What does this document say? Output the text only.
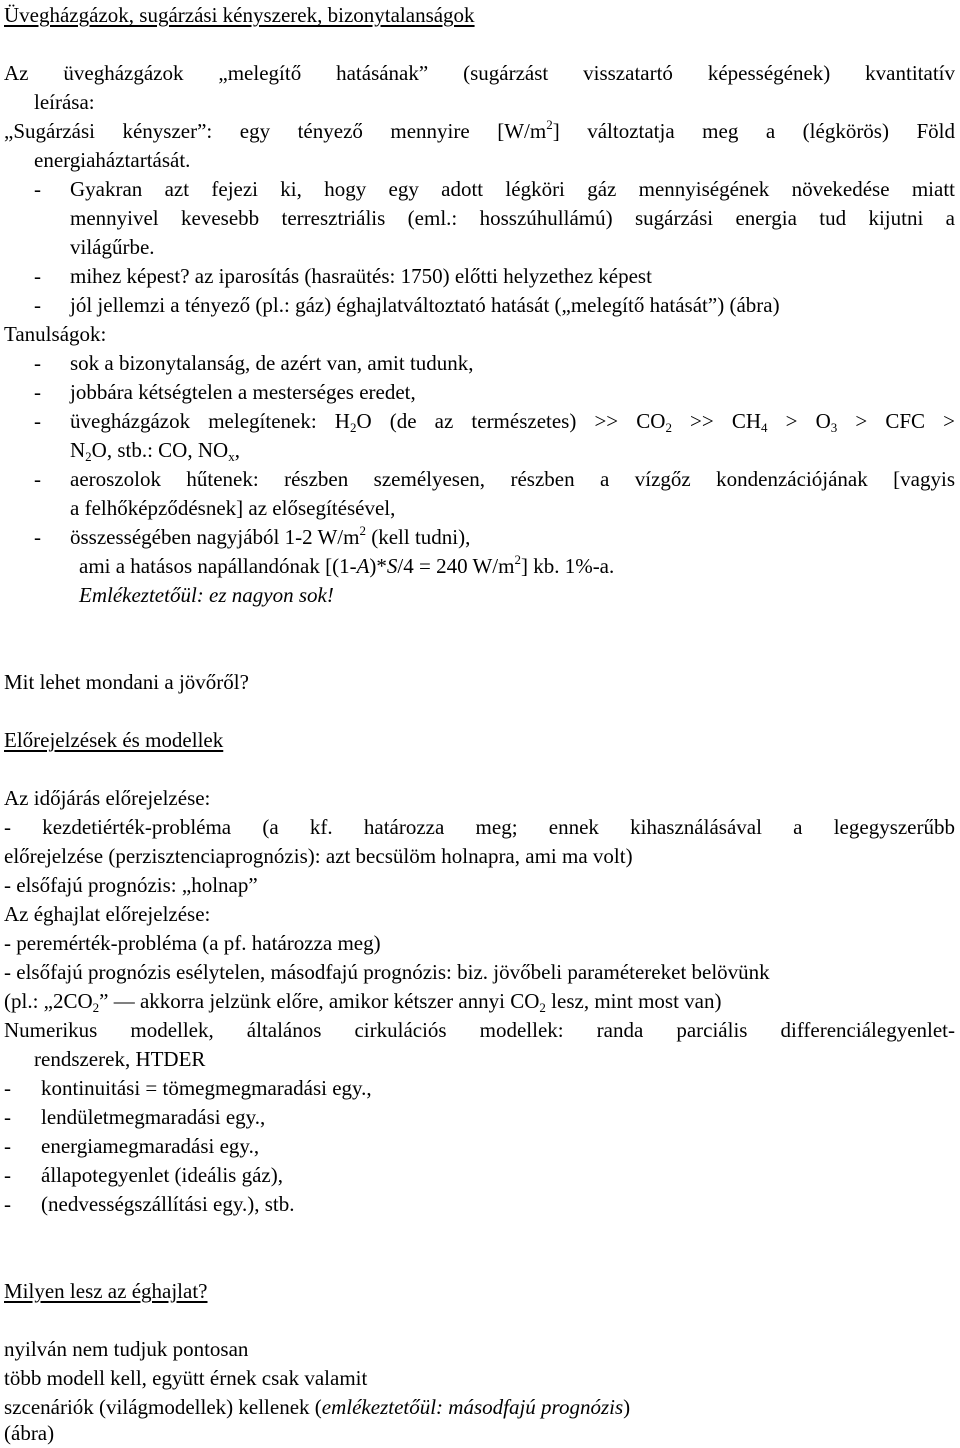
Üvegházgázok, sugárzási kényszerek, bizonytalanságok
Az üvegházgázok „melegítő hatásának” (sugárzást visszatartó képességének) kvantitatív
leírása:
„Sugárzási kényszer”: egy tényező mennyire $[W/m^2]$ változtatja meg a (légkörös) Föld
energiaháztartását.
- Gyakran azt fejezi ki, hogy egy adott légköri gáz mennyiségének növekedése miatt
mennyivel kevesebb terresztriális (eml.: hosszúhullámú) sugárzási energia tud kijutni a
világűrbe.
- mihez képest? az iparosítás (hasraütés: 1750) előtti helyzethez képest
- jól jellemzi a tényező (pl.: gáz) éghajlatváltoztató hatását („melegítő hatását”) (ábra)
Tanulságok:
- sok a bizonytalanság, de azért van, amit tudunk,
- jobbára kétségtelen a mesterséges eredet,
- üvegházgázok melegítenek: $H_2O$ (de az természetes) >> $CO_2 >> CH_4 > O_3$ > CFC >
$N_2O$, stb.: CO, $NO_x$,
- aeroszolok hűtenek: részben személyesen, részben a vízgőz kondenzációjának [vagyis
a felhőképződésnek] az elősegítésével,
- összességében nagyjából 1-2 $W/m^2$ (kell tudni),
ami a hatásos napállandónak [(1-A)*S/4 = 240 $W/m^2$] kb. 1%-a.
Emlékeztetőül: ez nagyon sok!
Mit lehet mondani a jövőről?
Előrejelzések és modellek
Az időjárás előrejelzése:
- kezdetiérték-probléma (a kf. határozza meg; ennek kihasználásával a legegyszerűbb
előrejelzése (perzisztenciaprognózis): azt becsülöm holnapra, ami ma volt)
- elsőfajú prognózis: „holnap”
Az éghajlat előrejelzése:
- peremérték-probléma (a pf. határozza meg)
- elsőfajú prognózis esélytelen, másodfajú prognózis: biz. jövőbeli paramétereket belövünk
(pl.: $„2CO_2$” — akkorra jelzünk előre, amikor kétszer annyi $CO_2$ lesz, mint most van)
Numerikus modellek, általános cirkulációs modellek: randa parciális differenciálegyenlet-
rendszerek, HTDER
- kontinuitási = tömegmegmaradási egy.,
- lendületmegmaradási egy.,
- energiamegmaradási egy.,
- állapotegyenlet (ideális gáz),
- (nedvességszállítási egy.), stb.
Milyen lesz az éghajlat?
nyilván nem tudjuk pontosan
több modell kell, együtt érnek csak valamit
szcenáriók (világmodellek) kellenek (emlékeztetőül: másodfajú prognózis)
(ábra)
